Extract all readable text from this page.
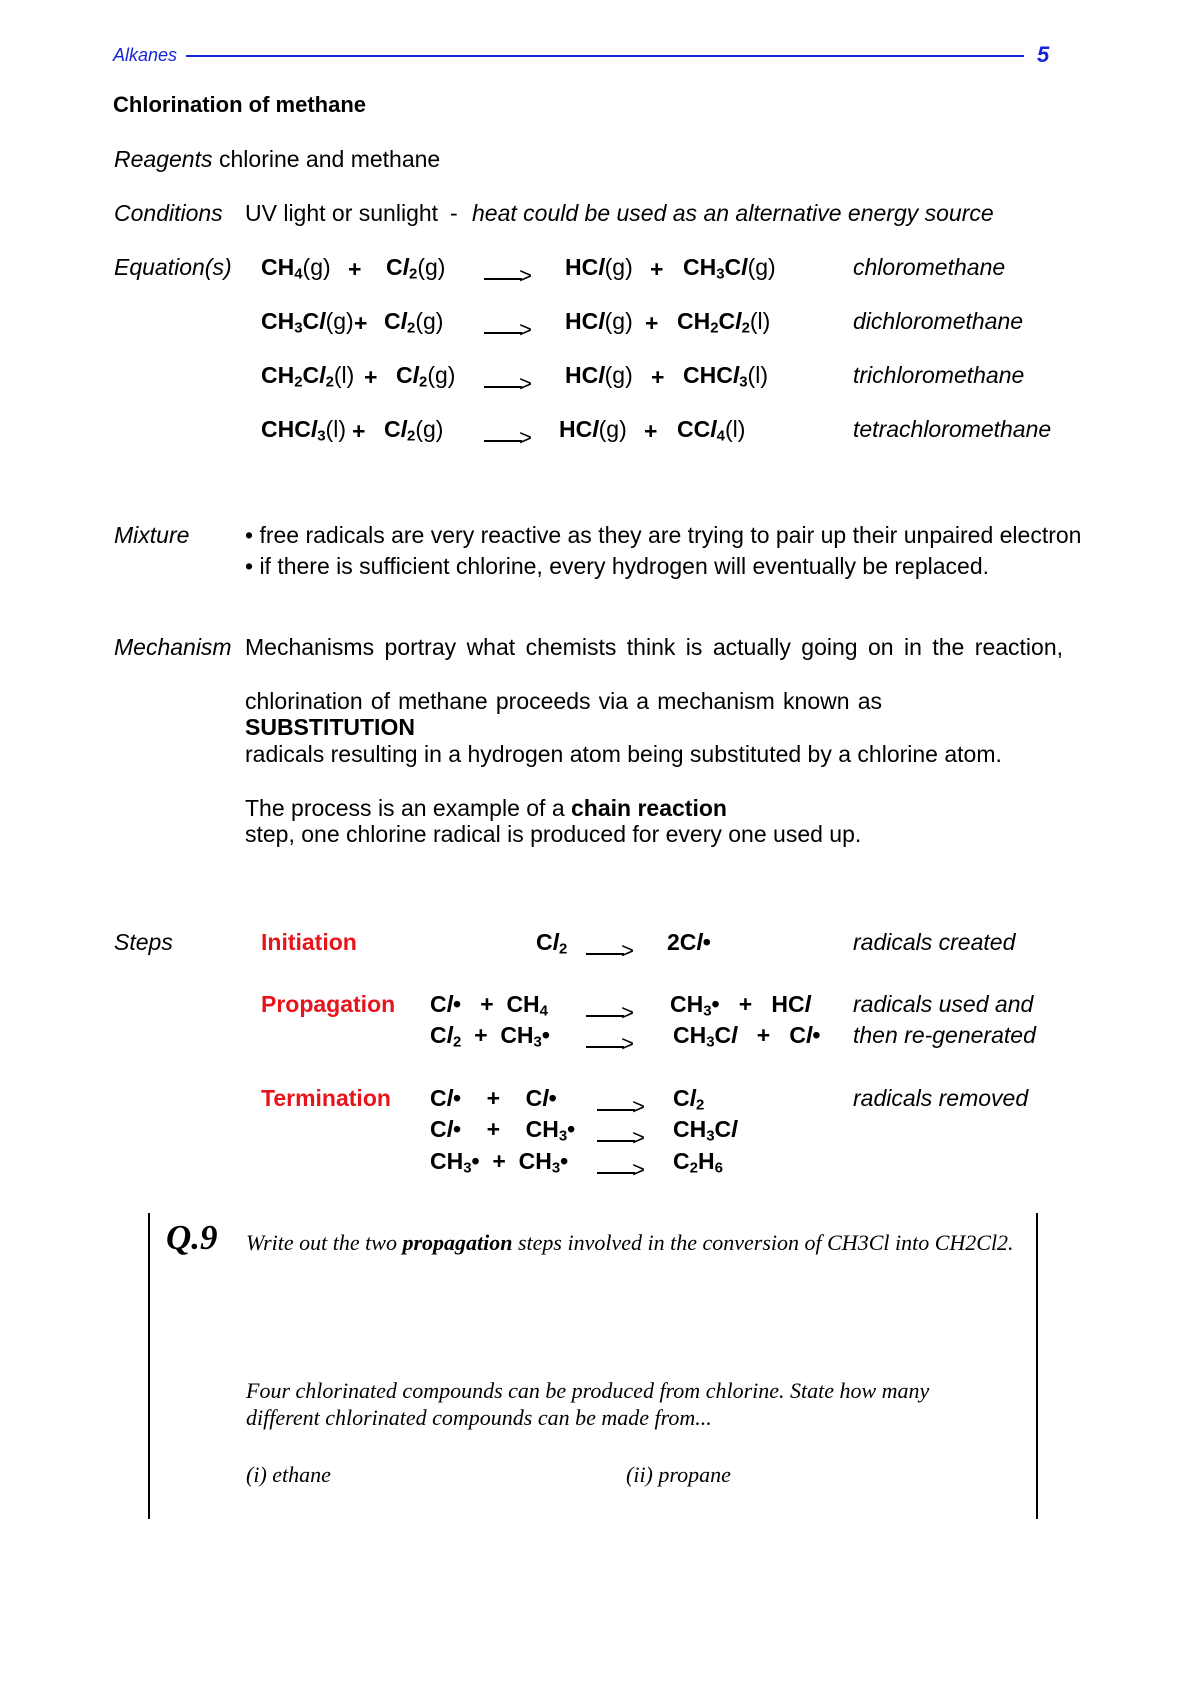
Alkanes	5
Chlorination of methane
Reagents chlorine and methane
Conditions UV light or sunlight - heat could be used as an alternative energy source
Equation(s) $CH_4(g) + Cl_2(g)$ >	$HCl(g) + CH_3Cl(g)$	chloromethane
$CH_3Cl(g) + Cl_2(g)$ >	$HCl(g) + CH_2Cl_2(l)$	dichloromethane
$CH_2Cl_2(l) + Cl_2(g)$ >	HCl(g) + CHCl$_3$(l)	trichloromethane
CHCl$_3$(l) + $Cl_2(g)$ >	HCl(g) + CCl$_4$(l)	tetrachloromethane
Mixture • free radicals are very reactive as they are trying to pair up their unpaired electron
• if there is sufficient chlorine, every hydrogen will eventually be replaced.
Mechanism Mechanisms portray what chemists think is actually going on in the reaction,
chlorination of methane proceeds via a mechanism known as
SUBSTITUTION
radicals resulting in a hydrogen atom being substituted by a chlorine atom.
The process is an example of a chain reaction
step, one chlorine radical is produced for every one used up.
Steps	Initiation	$Cl_2$ >	2Cl•	radicals created
Propagation Cl•   +  $CH_4$ >	$CH_3•$   +   HCl
$Cl_2$  +  $CH_3•$ >	$CH_3Cl$   +   Cl•
radicals used and
then re-generated
Termination Cl•    +    Cl• >	$Cl_2$
Cl•    +    $CH_3•$ >	$CH_3Cl$
$CH_3•$  +  $CH_3•$ >	$C_2H_6$
radicals removed
Q.9 Write out the two propagation steps involved in the conversion of CH3Cl into CH2Cl2.
Four chlorinated compounds can be produced from chlorine. State how many
different chlorinated compounds can be made from...
(i) ethane	(ii) propane
